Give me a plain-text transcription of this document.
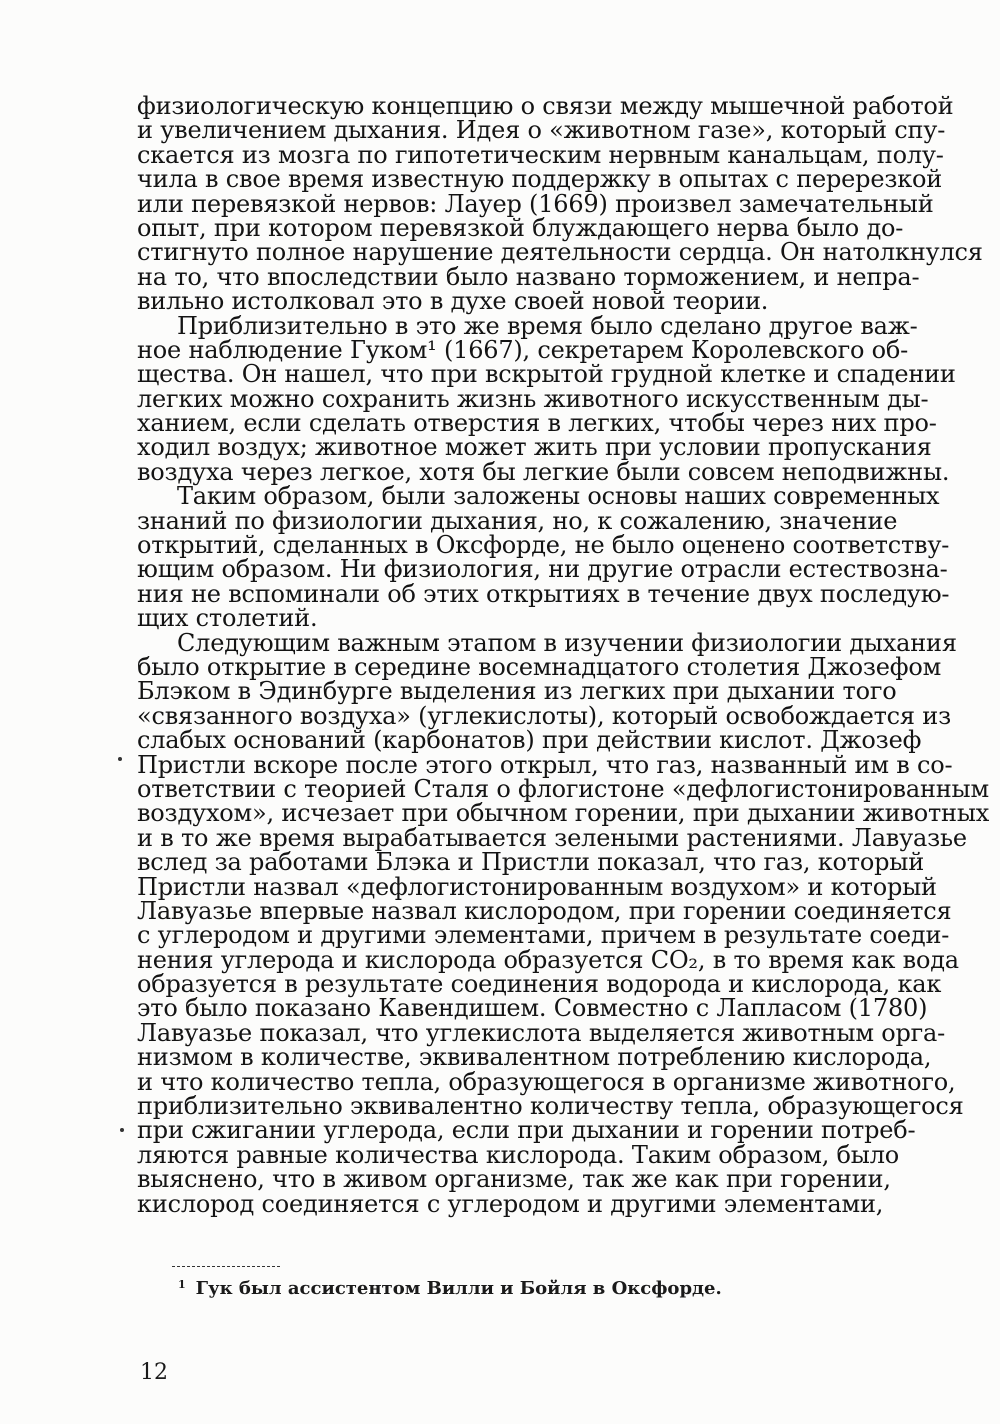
физиологическую концепцию о связи между мышечной работой
и увеличением дыхания. Идея о «животном газе», который спу-
скается из мозга по гипотетическим нервным канальцам, полу-
чила в свое время известную поддержку в опытах с перерезкой
или перевязкой нервов: Лауер (1669) произвел замечательный
опыт, при котором перевязкой блуждающего нерва было до-
стигнуто полное нарушение деятельности сердца. Он натолкнулся
на то, что впоследствии было названо торможением, и непра-
вильно истолковал это в духе своей новой теории.
Приблизительно в это же время было сделано другое важ-
ное наблюдение Гуком¹ (1667), секретарем Королевского об-
щества. Он нашел, что при вскрытой грудной клетке и спадении
легких можно сохранить жизнь животного искусственным ды-
ханием, если сделать отверстия в легких, чтобы через них про-
ходил воздух; животное может жить при условии пропускания
воздуха через легкое, хотя бы легкие были совсем неподвижны.
Таким образом, были заложены основы наших современных
знаний по физиологии дыхания, но, к сожалению, значение
открытий, сделанных в Оксфорде, не было оценено соответству-
ющим образом. Ни физиология, ни другие отрасли естествозна-
ния не вспоминали об этих открытиях в течение двух последую-
щих столетий.
Следующим важным этапом в изучении физиологии дыхания
было открытие в середине восемнадцатого столетия Джозефом
Блэком в Эдинбурге выделения из легких при дыхании того
«связанного воздуха» (углекислоты), который освобождается из
слабых оснований (карбонатов) при действии кислот. Джозеф
Пристли вскоре после этого открыл, что газ, названный им в со-
ответствии с теорией Сталя о флогистоне «дефлогистонированным
воздухом», исчезает при обычном горении, при дыхании животных
и в то же время вырабатывается зелеными растениями. Лавуазье
вслед за работами Блэка и Пристли показал, что газ, который
Пристли назвал «дефлогистонированным воздухом» и который
Лавуазье впервые назвал кислородом, при горении соединяется
с углеродом и другими элементами, причем в результате соеди-
нения углерода и кислорода образуется CO₂, в то время как вода
образуется в результате соединения водорода и кислорода, как
это было показано Кавендишем. Совместно с Лапласом (1780)
Лавуазье показал, что углекислота выделяется животным орга-
низмом в количестве, эквивалентном потреблению кислорода,
и что количество тепла, образующегося в организме животного,
приблизительно эквивалентно количеству тепла, образующегося
при сжигании углерода, если при дыхании и горении потреб-
ляются равные количества кислорода. Таким образом, было
выяснено, что в живом организме, так же как при горении,
кислород соединяется с углеродом и другими элементами,
$^1$ Гук был ассистентом Вилли и Бойля в Оксфорде.
12
